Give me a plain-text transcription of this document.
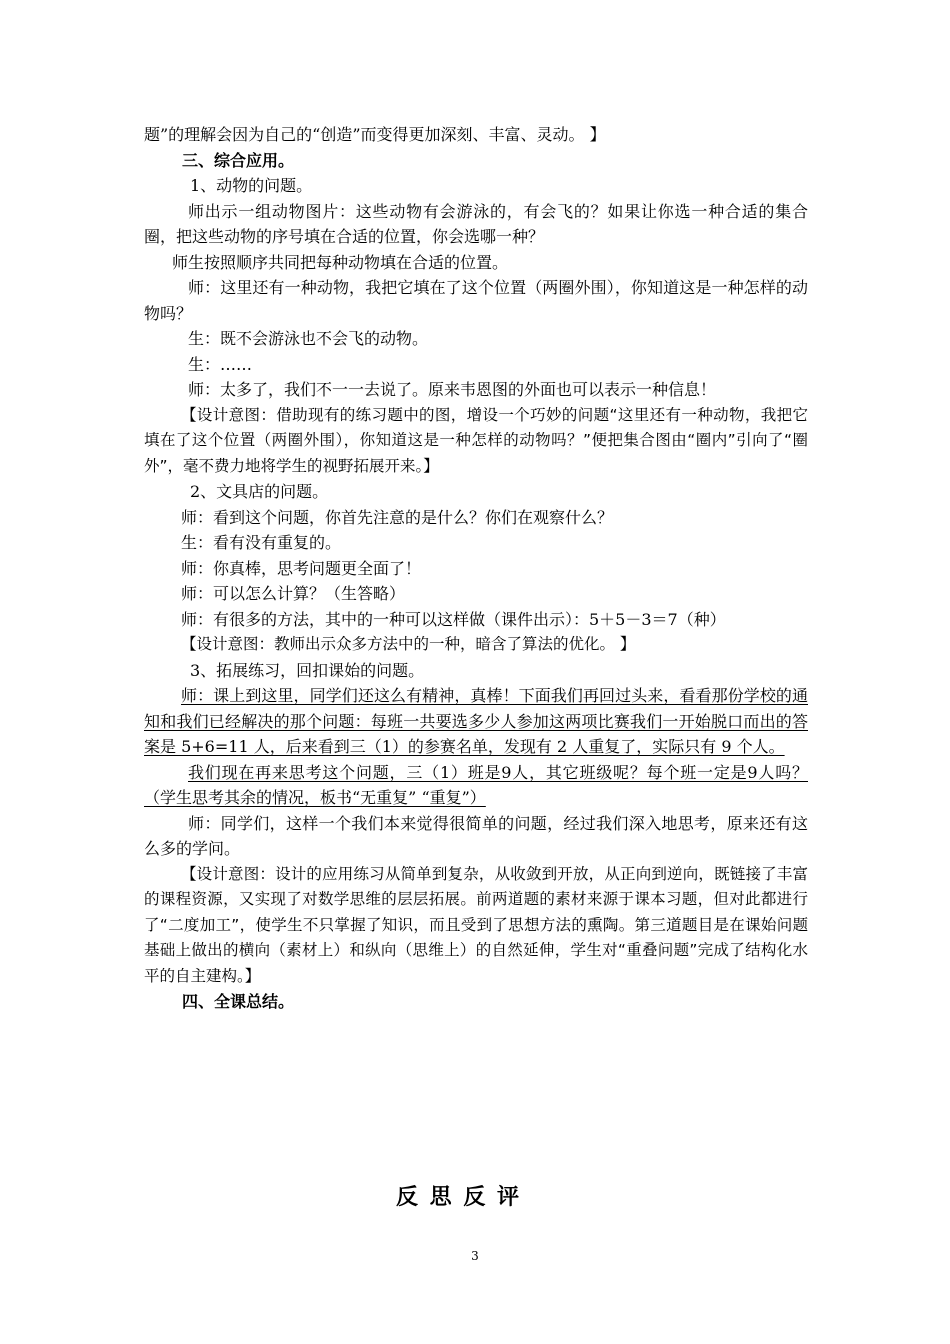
题”的理解会因为自己的“创造”而变得更加深刻、丰富、灵动。 】

三、综合应用。

1、动物的问题。

师出示一组动物图片：这些动物有会游泳的，有会飞的？如果让你选一种合适的集合圈，把这些动物的序号填在合适的位置，你会选哪一种？

师生按照顺序共同把每种动物填在合适的位置。

师：这里还有一种动物，我把它填在了这个位置（两圈外围），你知道这是一种怎样的动物吗？

生：既不会游泳也不会飞的动物。

生：……

师：太多了，我们不一一去说了。原来韦恩图的外面也可以表示一种信息！

【设计意图：借助现有的练习题中的图，增设一个巧妙的问题“这里还有一种动物，我把它填在了这个位置（两圈外围），你知道这是一种怎样的动物吗？”便把集合图由“圈内”引向了“圈外”，毫不费力地将学生的视野拓展开来。】

2、文具店的问题。

师：看到这个问题，你首先注意的是什么？你们在观察什么？

生：看有没有重复的。

师：你真棒，思考问题更全面了！

师：可以怎么计算？（生答略）

师：有很多的方法，其中的一种可以这样做（课件出示）：5＋5－3＝7（种）

【设计意图：教师出示众多方法中的一种，暗含了算法的优化。 】

3、拓展练习，回扣课始的问题。

师：课上到这里，同学们还这么有精神，真棒！下面我们再回过头来，看看那份学校的通知和我们已经解决的那个问题：每班一共要选多少人参加这两项比赛我们一开始脱口而出的答案是 5+6=11 人，后来看到三（1）的参赛名单，发现有 2 人重复了，实际只有 9 个人。

我们现在再来思考这个问题，三（1）班是9人，其它班级呢？每个班一定是9人吗？（学生思考其余的情况，板书“无重复” “重复”）

师：同学们，这样一个我们本来觉得很简单的问题，经过我们深入地思考，原来还有这么多的学问。

【设计意图：设计的应用练习从简单到复杂，从收敛到开放，从正向到逆向，既链接了丰富的课程资源，又实现了对数学思维的层层拓展。前两道题的素材来源于课本习题，但对此都进行了“二度加工”，使学生不只掌握了知识，而且受到了思想方法的熏陶。第三道题目是在课始问题基础上做出的横向（素材上）和纵向（思维上）的自然延伸，学生对“重叠问题”完成了结构化水平的自主建构。】

四、全课总结。

反 思 反 评
3
